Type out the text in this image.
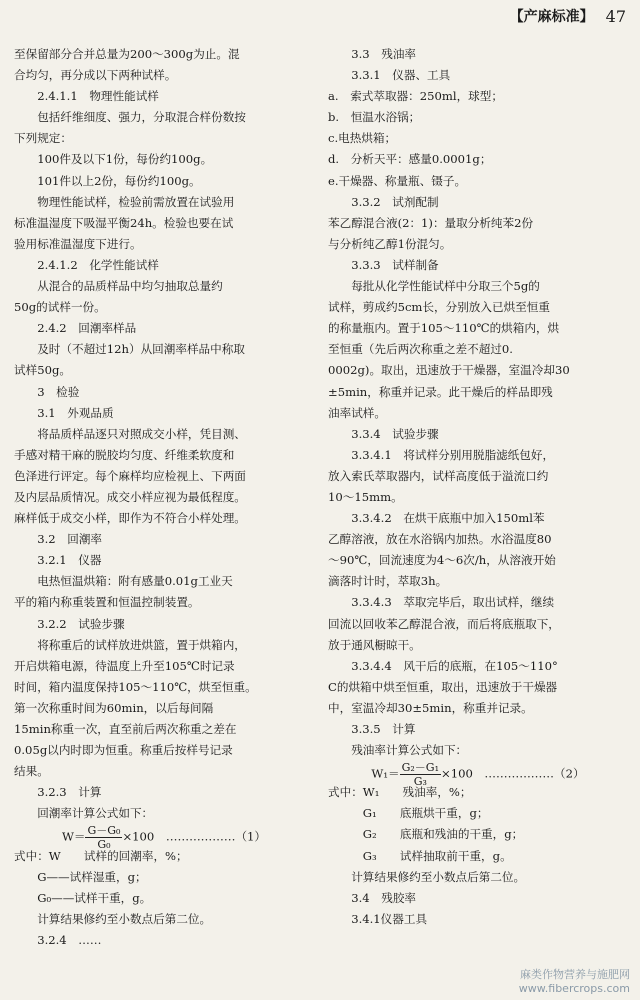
【产麻标准】 47

至保留部分合并总量为200～300g为止。混

合均匀，再分成以下两种试样。

2.4.1.1　物理性能试样

包括纤维细度、强力，分取混合样份数按

下列规定：

100件及以下1份，每份约100g。

101件以上2份，每份约100g。

物理性能试样，检验前需放置在试验用

标准温湿度下吸湿平衡24h。检验也要在试

验用标准温湿度下进行。

2.4.1.2　化学性能试样

从混合的品质样品中均匀抽取总量约

50g的试样一份。

2.4.2　回潮率样品

及时（不超过12h）从回潮率样品中称取

试样50g。

3　检验

3.1　外观品质

将品质样品逐只对照成交小样，凭目测、

手感对精干麻的脱胶均匀度、纤维柔软度和

色泽进行评定。每个麻样均应检视上、下两面

及内层品质情况。成交小样应视为最低程度。

麻样低于成交小样，即作为不符合小样处理。

3.2　回潮率

3.2.1　仪器

电热恒温烘箱：附有感量0.01g工业天

平的箱内称重装置和恒温控制装置。

3.2.2　试验步骤

将称重后的试样放进烘篮，置于烘箱内，

开启烘箱电源，待温度上升至105℃时记录

时间，箱内温度保持105～110℃，烘至恒重。

第一次称重时间为60min，以后每间隔

15min称重一次，直至前后两次称重之差在

0.05g以内时即为恒重。称重后按样号记录

结果。

3.2.3　计算

回潮率计算公式如下：

$W= \frac{\text{G－G₀}}{\text{G₀}} \times 100$　………………（1）

式中：W　　试样的回潮率，%；

G——试样湿重，g；

G₀——试样干重，g。

计算结果修约至小数点后第二位。

3.2.4　……

3.3　残油率

3.3.1　仪器、工具

a.　索式萃取器：250ml，球型；

b.　恒温水浴锅；

c.电热烘箱；

d.　分析天平：感量0.0001g；

e.干燥器、称量瓶、镊子。

3.3.2　试剂配制

苯乙醇混合液(2：1)：量取分析纯苯2份

与分析纯乙醇1份混匀。

3.3.3　试样制备

每批从化学性能试样中分取三个5g的

试样，剪成约5cm长，分别放入已烘至恒重

的称量瓶内。置于105～110℃的烘箱内，烘

至恒重（先后两次称重之差不超过0.

0002g)。取出，迅速放于干燥器，室温冷却30

±5min，称重并记录。此干燥后的样品即残

油率试样。

3.3.4　试验步骤

3.3.4.1　将试样分别用脱脂滤纸包好，

放入索氏萃取器内，试样高度低于溢流口约

10～15mm。

3.3.4.2　在烘干底瓶中加入150ml苯

乙醇溶液，放在水浴锅内加热。水浴温度80

～90℃，回流速度为4～6次/h，从溶液开始

滴落时计时，萃取3h。

3.3.4.3　萃取完毕后，取出试样，继续

回流以回收苯乙醇混合液，而后将底瓶取下，

放于通风橱晾干。

3.3.4.4　风干后的底瓶，在105～110°

C的烘箱中烘至恒重，取出，迅速放于干燥器

中，室温冷却30±5min，称重并记录。

3.3.5　计算

残油率计算公式如下：

$W_1= \frac{\text{G₂－G₁}}{\text{G₃}} \times 100$　………………（2）

式中：W₁　　残油率，%；

G₁　　底瓶烘干重，g；

G₂　　底瓶和残油的干重，g；

G₃　　试样抽取前干重，g。

计算结果修约至小数点后第二位。

3.4　残胶率

3.4.1仪器工具

麻类作物营养与施肥网
www.fibercrops.com
